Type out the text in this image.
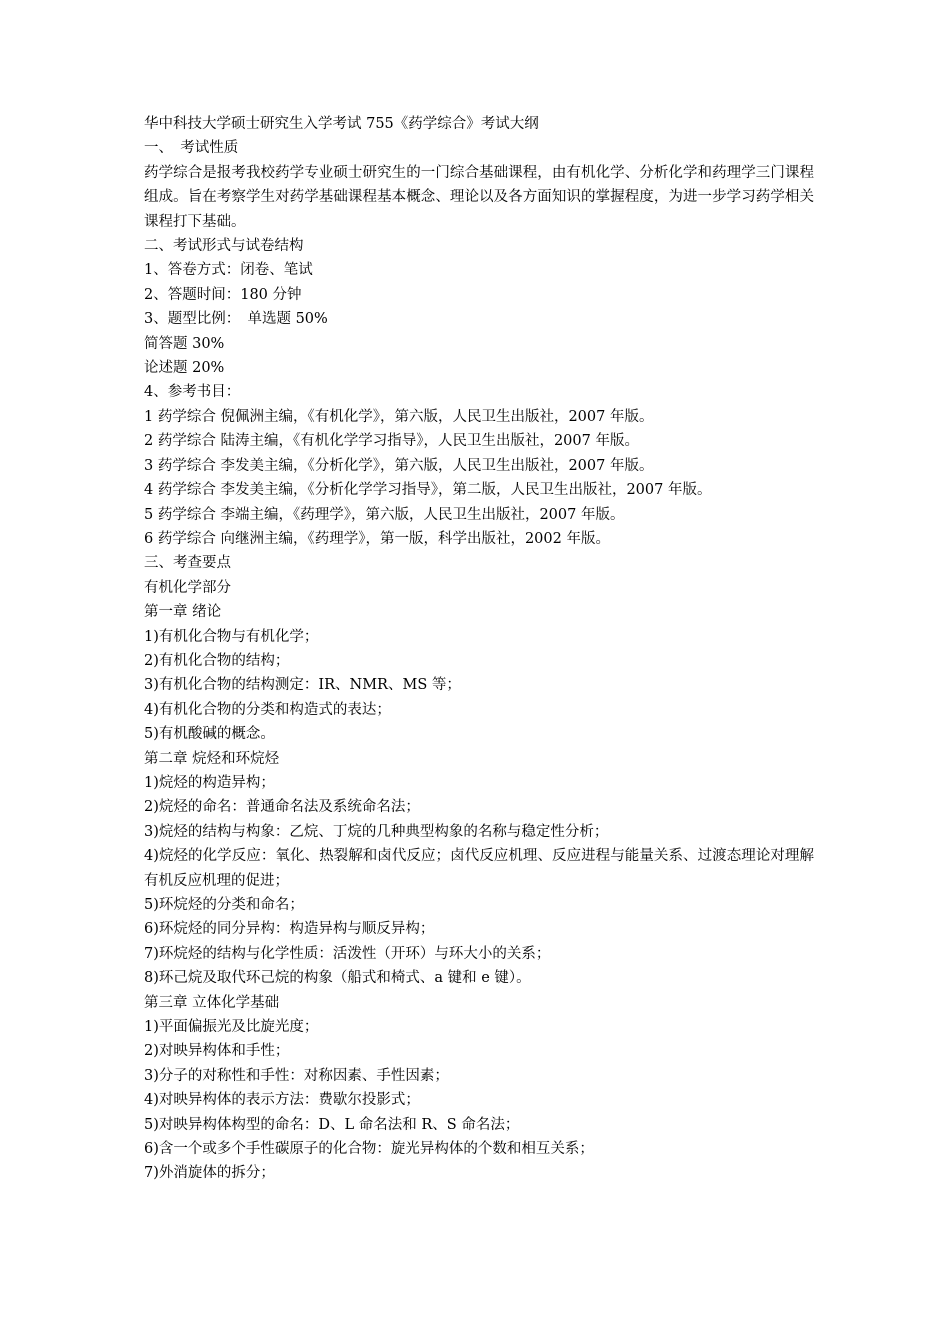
华中科技大学硕士研究生入学考试 755《药学综合》考试大纲
一、　考试性质
药学综合是报考我校药学专业硕士研究生的一门综合基础课程，由有机化学、分析化学和药理学三门课程组成。旨在考察学生对药学基础课程基本概念、理论以及各方面知识的掌握程度，为进一步学习药学相关课程打下基础。
二、考试形式与试卷结构
1、答卷方式：闭卷、笔试
2、答题时间：180 分钟
3、题型比例：　单选题 50%
简答题 30%
论述题 20%
4、参考书目：
1 药学综合 倪佩洲主编，《有机化学》，第六版，人民卫生出版社，2007 年版。
2 药学综合 陆涛主编，《有机化学学习指导》，人民卫生出版社，2007 年版。
3 药学综合 李发美主编，《分析化学》，第六版，人民卫生出版社，2007 年版。
4 药学综合 李发美主编，《分析化学学习指导》，第二版，人民卫生出版社，2007 年版。
5 药学综合 李端主编，《药理学》，第六版，人民卫生出版社，2007 年版。
6 药学综合 向继洲主编，《药理学》，第一版，科学出版社，2002 年版。
三、考查要点
有机化学部分
第一章 绪论
1)有机化合物与有机化学；
2)有机化合物的结构；
3)有机化合物的结构测定：IR、NMR、MS 等；
4)有机化合物的分类和构造式的表达；
5)有机酸碱的概念。
第二章 烷烃和环烷烃
1)烷烃的构造异构；
2)烷烃的命名：普通命名法及系统命名法；
3)烷烃的结构与构象：乙烷、丁烷的几种典型构象的名称与稳定性分析；
4)烷烃的化学反应：氧化、热裂解和卤代反应；卤代反应机理、反应进程与能量关系、过渡态理论对理解有机反应机理的促进；
5)环烷烃的分类和命名；
6)环烷烃的同分异构：构造异构与顺反异构；
7)环烷烃的结构与化学性质：活泼性（开环）与环大小的关系；
8)环己烷及取代环己烷的构象（船式和椅式、a 键和 e 键）。
第三章 立体化学基础
1)平面偏振光及比旋光度；
2)对映异构体和手性；
3)分子的对称性和手性：对称因素、手性因素；
4)对映异构体的表示方法：费歇尔投影式；
5)对映异构体构型的命名：D、L 命名法和 R、S 命名法；
6)含一个或多个手性碳原子的化合物：旋光异构体的个数和相互关系；
7)外消旋体的拆分；
